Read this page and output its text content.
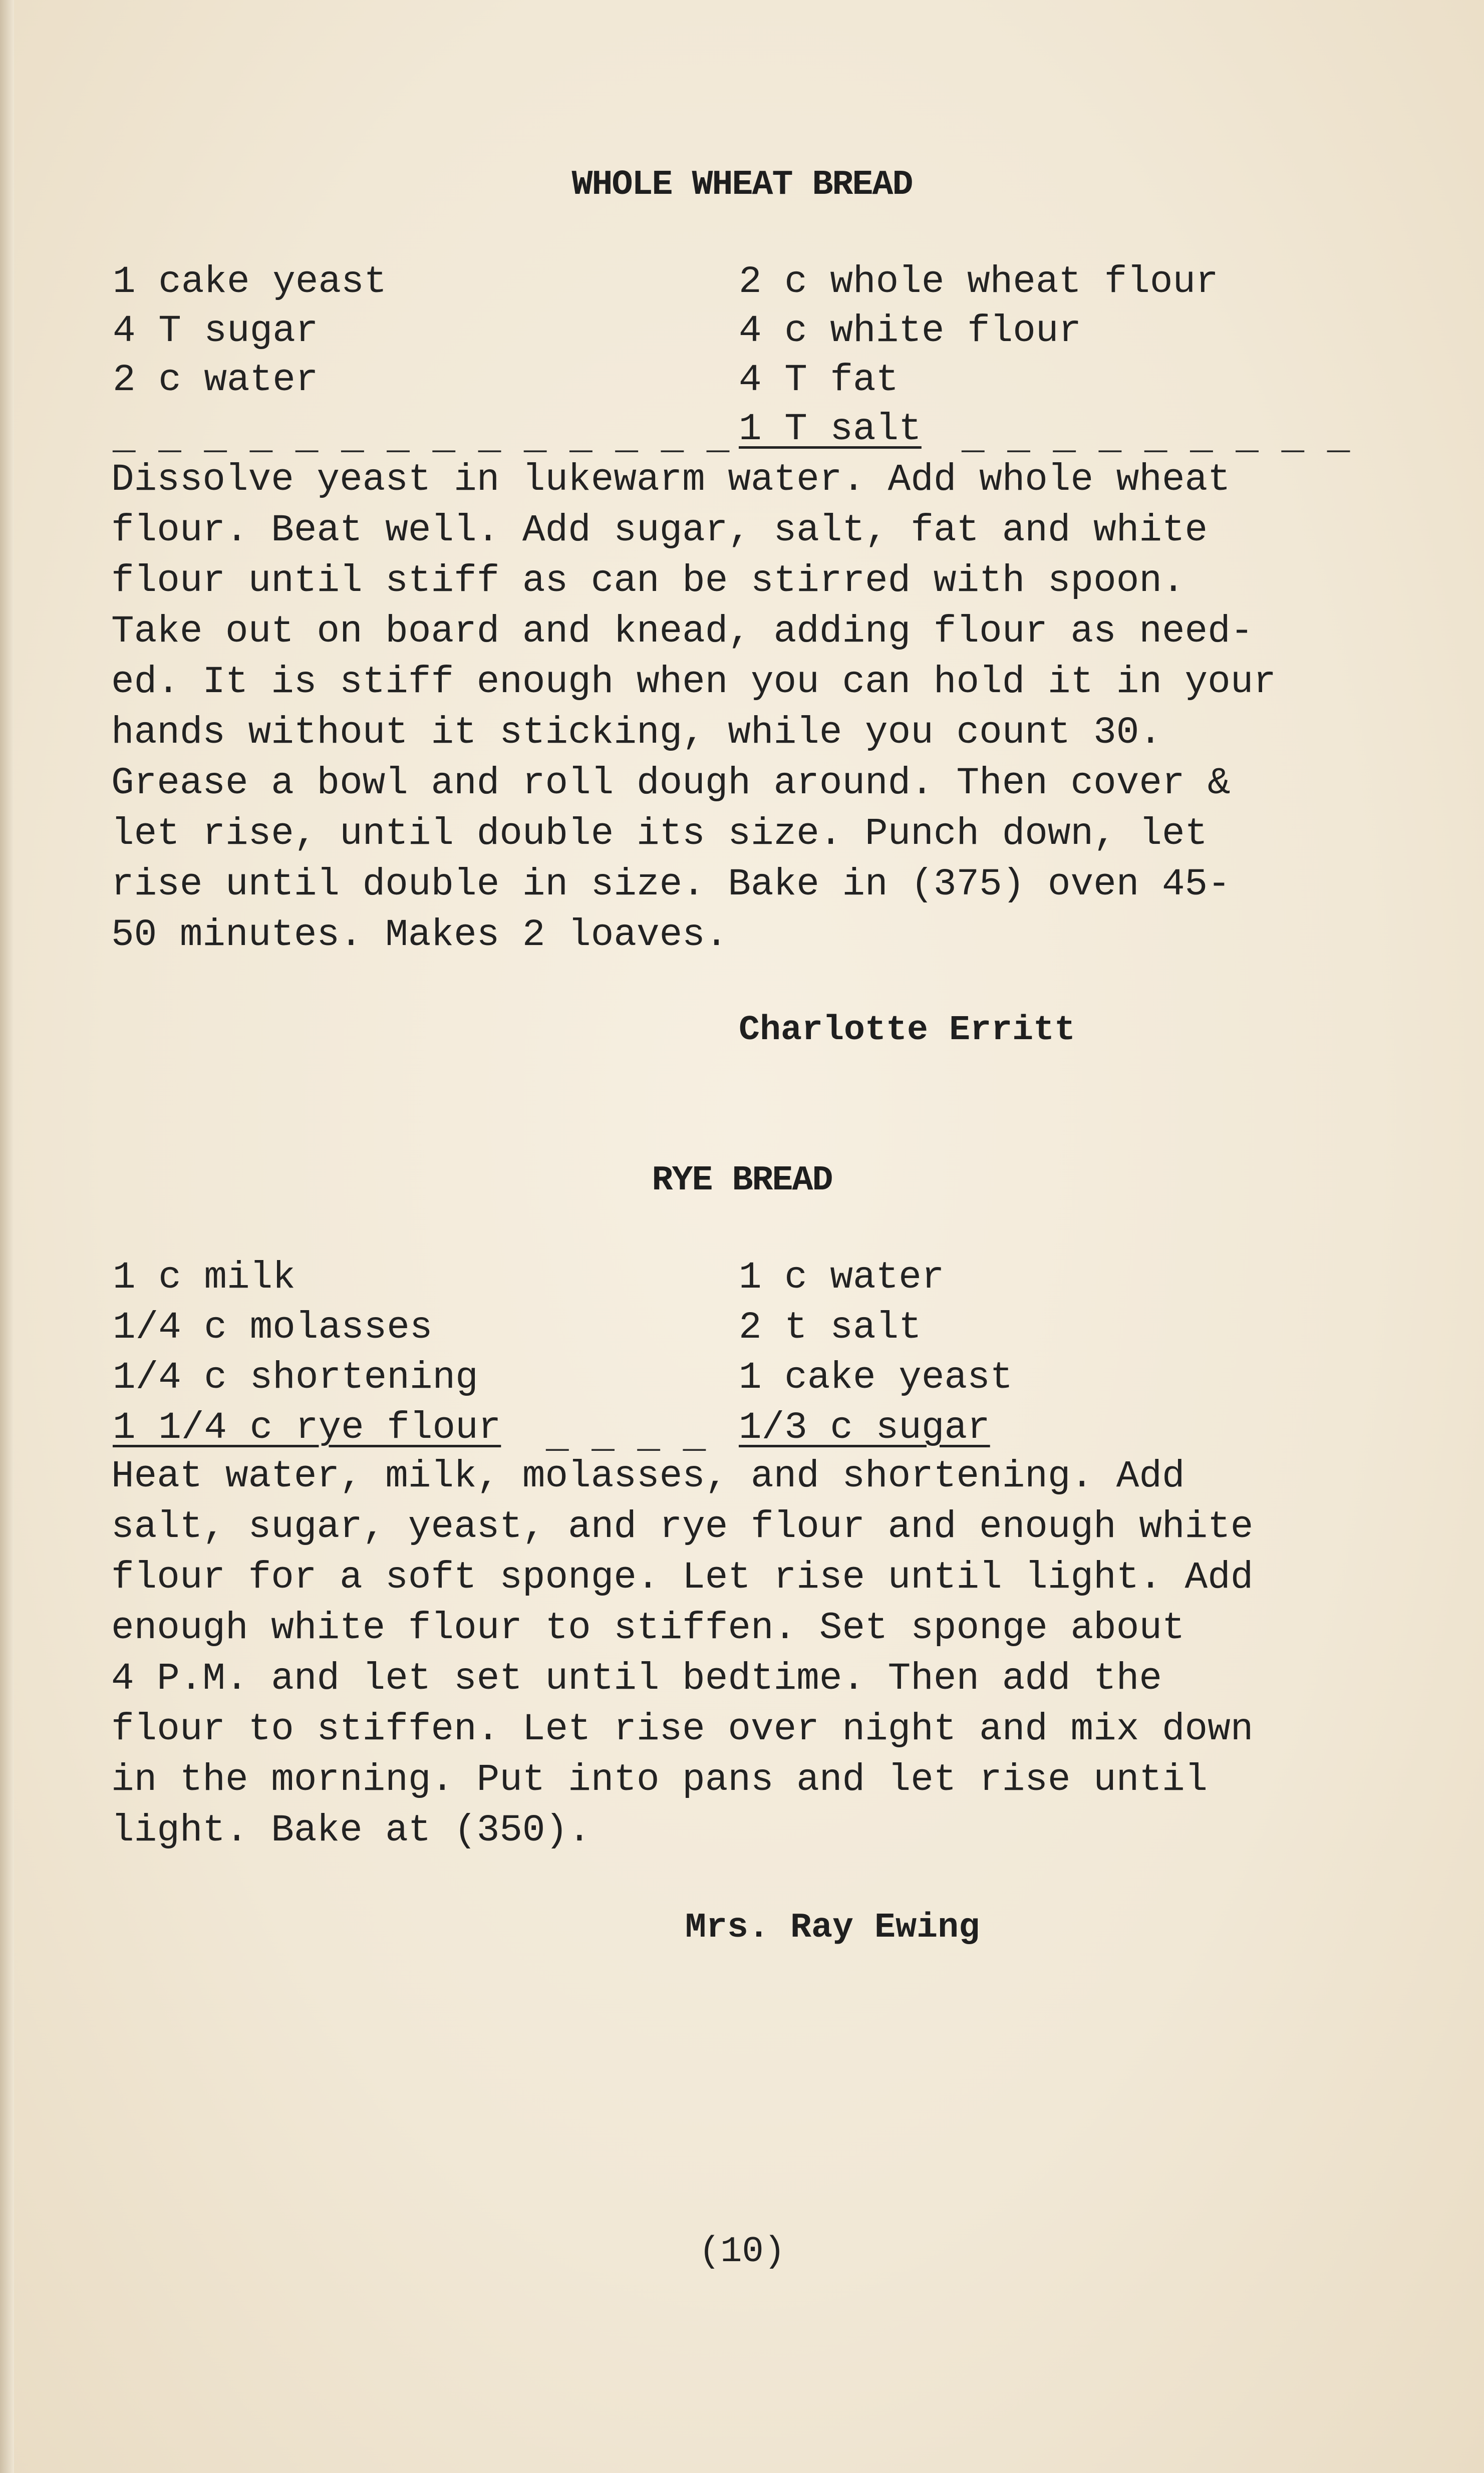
WHOLE WHEAT BREAD
1 cake yeast
4 T sugar
2 c water
2 c whole wheat flour
4 c white flour
4 T fat
1 T salt
_ _ _ _ _ _ _ _ _ _ _ _ _ _	_ _ _ _ _ _ _ _ _
Dissolve yeast in lukewarm water. Add whole wheat
flour. Beat well. Add sugar, salt, fat and white
flour until stiff as can be stirred with spoon.
Take out on board and knead, adding flour as need-
ed. It is stiff enough when you can hold it in your
hands without it sticking, while you count 30.
Grease a bowl and roll dough around. Then cover &
let rise, until double its size. Punch down, let
rise until double in size. Bake in (375) oven 45-
50 minutes. Makes 2 loaves.
Charlotte Erritt
RYE BREAD
1 c milk
1/4 c molasses
1/4 c shortening
1 1/4 c rye flour
1 c water
2 t salt
1 cake yeast
1/3 c sugar
_ _ _ _
Heat water, milk, molasses, and shortening. Add
salt, sugar, yeast, and rye flour and enough white
flour for a soft sponge. Let rise until light. Add
enough white flour to stiffen. Set sponge about
4 P.M. and let set until bedtime. Then add the
flour to stiffen. Let rise over night and mix down
in the morning. Put into pans and let rise until
light. Bake at (350).
Mrs. Ray Ewing
(10)
